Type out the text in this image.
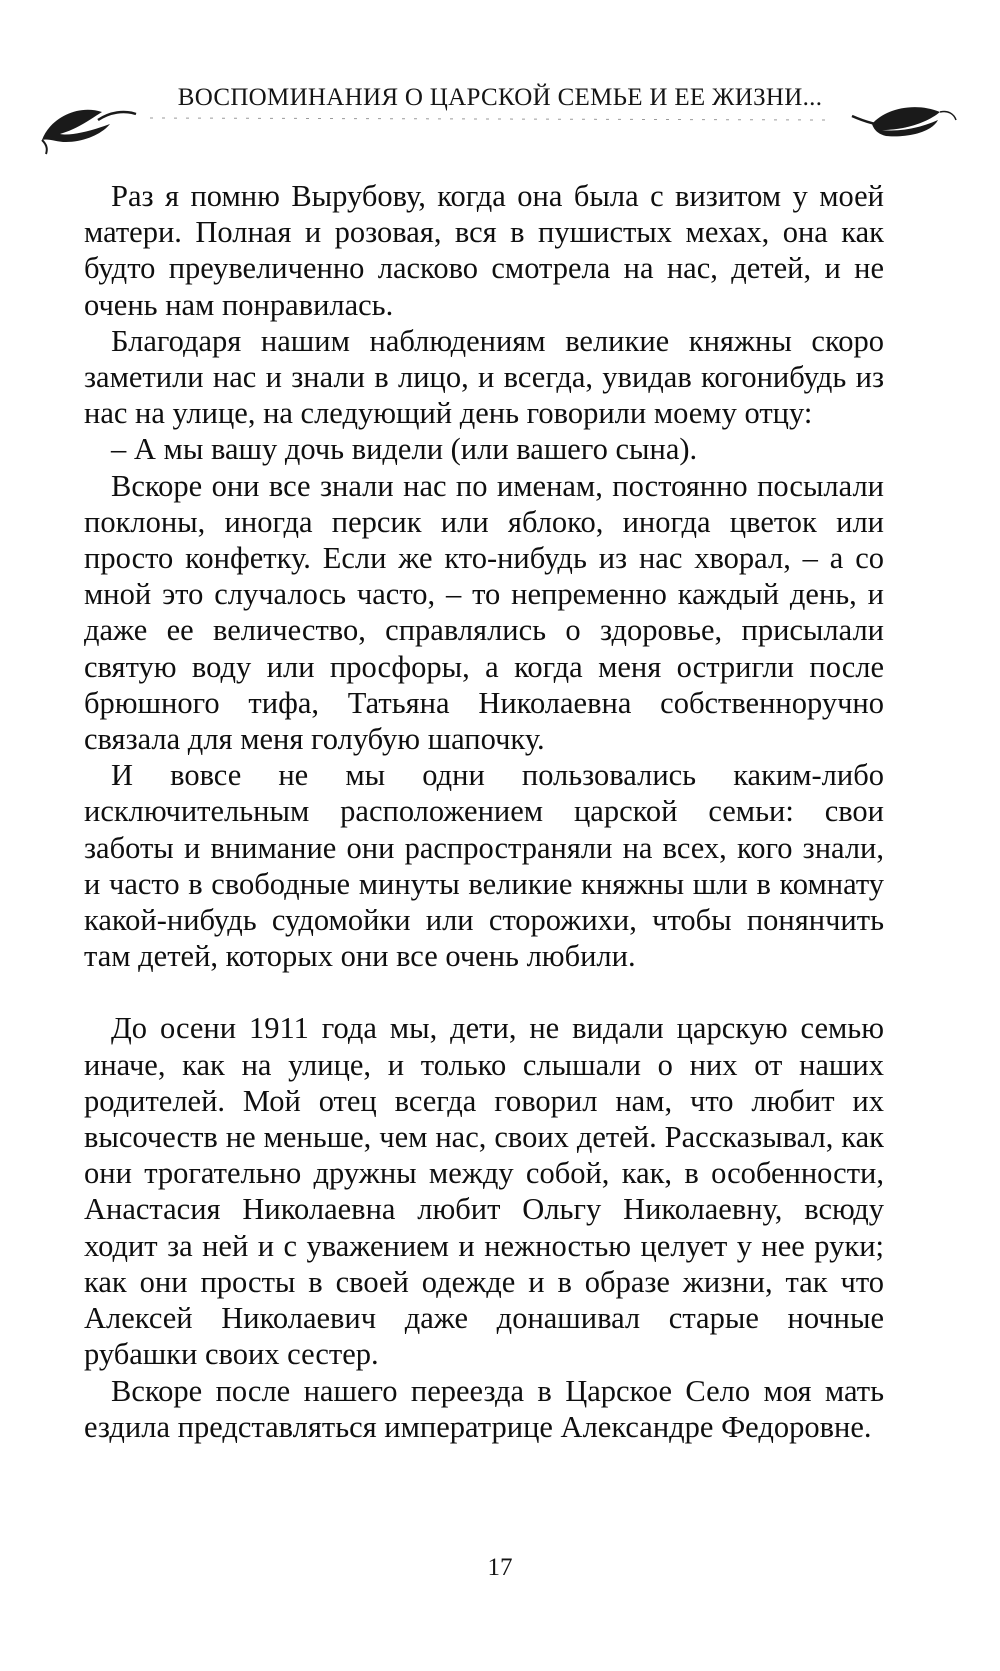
ВОСПОМИНАНИЯ О ЦАРСКОЙ СЕМЬЕ И ЕЕ ЖИЗНИ...

Раз я помню Вырубову, когда она была с визитом у моей матери. Полная и розовая, вся в пушистых мехах, она как будто преувеличенно ласково смотрела на нас, детей, и не очень нам понравилась.

Благодаря нашим наблюдениям великие княжны скоро заметили нас и знали в лицо, и всегда, увидав когонибудь из нас на улице, на следующий день говорили моему отцу:

– А мы вашу дочь видели (или вашего сына).

Вскоре они все знали нас по именам, постоянно посылали поклоны, иногда персик или яблоко, иногда цветок или просто конфетку. Если же кто-нибудь из нас хворал, – а со мной это случалось часто, – то непременно каждый день, и даже ее величество, справлялись о здоровье, присылали святую воду или просфоры, а когда меня остригли после брюшного тифа, Татьяна Николаевна собственноручно связала для меня голубую шапочку.

И вовсе не мы одни пользовались каким-либо исключительным расположением царской семьи: свои заботы и внимание они распространяли на всех, кого знали, и часто в свободные минуты великие княжны шли в комнату какой-нибудь судомойки или сторожихи, чтобы понянчить там детей, которых они все очень любили.

До осени 1911 года мы, дети, не видали царскую семью иначе, как на улице, и только слышали о них от наших родителей. Мой отец всегда говорил нам, что любит их высочеств не меньше, чем нас, своих детей. Рассказывал, как они трогательно дружны между собой, как, в особенности, Анастасия Николаевна любит Ольгу Николаевну, всюду ходит за ней и с уважением и нежностью целует у нее руки; как они просты в своей одежде и в образе жизни, так что Алексей Николаевич даже донашивал старые ночные рубашки своих сестер.

Вскоре после нашего переезда в Царское Село моя мать ездила представляться императрице Александре Федоровне.

17
